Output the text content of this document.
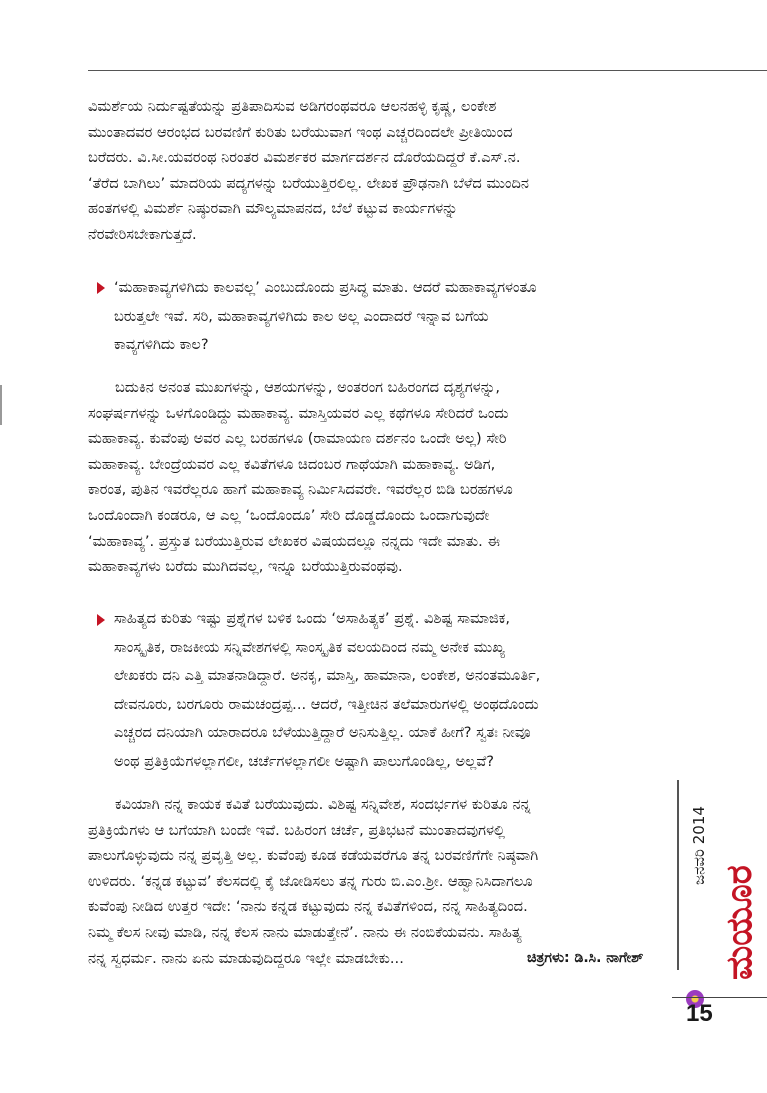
ವಿಮರ್ಶೆಯ ನಿರ್ದುಷ್ಟತೆಯನ್ನು ಪ್ರತಿಪಾದಿಸುವ ಅಡಿಗರಂಥವರೂ ಆಲನಹಳ್ಳಿ ಕೃಷ್ಣ, ಲಂಕೇಶ
ಮುಂತಾದವರ ಆರಂಭದ ಬರವಣಿಗೆ ಕುರಿತು ಬರೆಯುವಾಗ ಇಂಥ ಎಚ್ಚರದಿಂದಲೇ ಪ್ರೀತಿಯಿಂದ
ಬರೆದರು. ವಿ.ಸೀ.ಯವರಂಥ ನಿರಂತರ ವಿಮರ್ಶಕರ ಮಾರ್ಗದರ್ಶನ ದೊರೆಯದಿದ್ದರೆ ಕೆ.ಎಸ್.ನ.
‘ತೆರೆದ ಬಾಗಿಲು’ ಮಾದರಿಯ ಪದ್ಯಗಳನ್ನು ಬರೆಯುತ್ತಿರಲಿಲ್ಲ. ಲೇಖಕ ಪ್ರೌಢನಾಗಿ ಬೆಳೆದ ಮುಂದಿನ
ಹಂತಗಳಲ್ಲಿ ವಿಮರ್ಶೆ ನಿಷ್ಠುರವಾಗಿ ಮೌಲ್ಯಮಾಪನದ, ಬೆಲೆ ಕಟ್ಟುವ ಕಾರ್ಯಗಳನ್ನು
ನೆರವೇರಿಸಬೇಕಾಗುತ್ತದೆ.
‘ಮಹಾಕಾವ್ಯಗಳಿಗಿದು ಕಾಲವಲ್ಲ’ ಎಂಬುದೊಂದು ಪ್ರಸಿದ್ಧ ಮಾತು. ಆದರೆ ಮಹಾಕಾವ್ಯಗಳಂತೂ
ಬರುತ್ತಲೇ ಇವೆ. ಸರಿ, ಮಹಾಕಾವ್ಯಗಳಿಗಿದು ಕಾಲ ಅಲ್ಲ ಎಂದಾದರೆ ಇನ್ನಾವ ಬಗೆಯ
ಕಾವ್ಯಗಳಿಗಿದು ಕಾಲ?
ಬದುಕಿನ ಅನಂತ ಮುಖಗಳನ್ನು, ಆಶಯಗಳನ್ನು, ಅಂತರಂಗ ಬಹಿರಂಗದ ದೃಶ್ಯಗಳನ್ನು,
ಸಂಘರ್ಷಗಳನ್ನು ಒಳಗೊಂಡಿದ್ದು ಮಹಾಕಾವ್ಯ. ಮಾಸ್ತಿಯವರ ಎಲ್ಲ ಕಥೆಗಳೂ ಸೇರಿದರೆ ಒಂದು
ಮಹಾಕಾವ್ಯ. ಕುವೆಂಪು ಅವರ ಎಲ್ಲ ಬರಹಗಳೂ (ರಾಮಾಯಣ ದರ್ಶನಂ ಒಂದೇ ಅಲ್ಲ) ಸೇರಿ
ಮಹಾಕಾವ್ಯ. ಬೇಂದ್ರೆಯವರ ಎಲ್ಲ ಕವಿತೆಗಳೂ ಚಿದಂಬರ ಗಾಥೆಯಾಗಿ ಮಹಾಕಾವ್ಯ. ಅಡಿಗ,
ಕಾರಂತ, ಪುತಿನ ಇವರೆಲ್ಲರೂ ಹಾಗೆ ಮಹಾಕಾವ್ಯ ನಿರ್ಮಿಸಿದವರೇ. ಇವರೆಲ್ಲರ ಬಿಡಿ ಬರಹಗಳೂ
ಒಂದೊಂದಾಗಿ ಕಂಡರೂ, ಆ ಎಲ್ಲ ‘ಒಂದೊಂದೂ’ ಸೇರಿ ದೊಡ್ಡದೊಂದು ಒಂದಾಗುವುದೇ
‘ಮಹಾಕಾವ್ಯ’. ಪ್ರಸ್ತುತ ಬರೆಯುತ್ತಿರುವ ಲೇಖಕರ ವಿಷಯದಲ್ಲೂ ನನ್ನದು ಇದೇ ಮಾತು. ಈ
ಮಹಾಕಾವ್ಯಗಳು ಬರೆದು ಮುಗಿದವಲ್ಲ, ಇನ್ನೂ ಬರೆಯುತ್ತಿರುವಂಥವು.
ಸಾಹಿತ್ಯದ ಕುರಿತು ಇಷ್ಟು ಪ್ರಶ್ನೆಗಳ ಬಳಿಕ ಒಂದು ‘ಅಸಾಹಿತ್ಯಕ’ ಪ್ರಶ್ನೆ. ವಿಶಿಷ್ಟ ಸಾಮಾಜಿಕ,
ಸಾಂಸ್ಕೃತಿಕ, ರಾಜಕೀಯ ಸನ್ನಿವೇಶಗಳಲ್ಲಿ ಸಾಂಸ್ಕೃತಿಕ ವಲಯದಿಂದ ನಮ್ಮ ಅನೇಕ ಮುಖ್ಯ
ಲೇಖಕರು ದನಿ ಎತ್ತಿ ಮಾತನಾಡಿದ್ದಾರೆ. ಅನಕೃ, ಮಾಸ್ತಿ, ಹಾಮಾನಾ, ಲಂಕೇಶ, ಅನಂತಮೂರ್ತಿ,
ದೇವನೂರು, ಬರಗೂರು ರಾಮಚಂದ್ರಪ್ಪ... ಆದರೆ, ಇತ್ತೀಚಿನ ತಲೆಮಾರುಗಳಲ್ಲಿ ಅಂಥದೊಂದು
ಎಚ್ಚರದ ದನಿಯಾಗಿ ಯಾರಾದರೂ ಬೆಳೆಯುತ್ತಿದ್ದಾರೆ ಅನಿಸುತ್ತಿಲ್ಲ. ಯಾಕೆ ಹೀಗೆ? ಸ್ವತಃ ನೀವೂ
ಅಂಥ ಪ್ರತಿಕ್ರಿಯೆಗಳಲ್ಲಾಗಲೀ, ಚರ್ಚೆಗಳಲ್ಲಾಗಲೀ ಅಷ್ಟಾಗಿ ಪಾಲುಗೊಂಡಿಲ್ಲ, ಅಲ್ಲವೆ?
ಕವಿಯಾಗಿ ನನ್ನ ಕಾಯಕ ಕವಿತೆ ಬರೆಯುವುದು. ವಿಶಿಷ್ಟ ಸನ್ನಿವೇಶ, ಸಂದರ್ಭಗಳ ಕುರಿತೂ ನನ್ನ
ಪ್ರತಿಕ್ರಿಯೆಗಳು ಆ ಬಗೆಯಾಗಿ ಬಂದೇ ಇವೆ. ಬಹಿರಂಗ ಚರ್ಚೆ, ಪ್ರತಿಭಟನೆ ಮುಂತಾದವುಗಳಲ್ಲಿ
ಪಾಲುಗೊಳ್ಳುವುದು ನನ್ನ ಪ್ರವೃತ್ತಿ ಅಲ್ಲ. ಕುವೆಂಪು ಕೂಡ ಕಡೆಯವರೆಗೂ ತನ್ನ ಬರವಣಿಗೆಗೇ ನಿಷ್ಠವಾಗಿ
ಉಳಿದರು. ‘ಕನ್ನಡ ಕಟ್ಟುವ’ ಕೆಲಸದಲ್ಲಿ ಕೈ ಜೋಡಿಸಲು ತನ್ನ ಗುರು ಬಿ.ಎಂ.ಶ್ರೀ. ಆಹ್ವಾನಿಸಿದಾಗಲೂ
ಕುವೆಂಪು ನೀಡಿದ ಉತ್ತರ ಇದೇ: ‘ನಾನು ಕನ್ನಡ ಕಟ್ಟುವುದು ನನ್ನ ಕವಿತೆಗಳಿಂದ, ನನ್ನ ಸಾಹಿತ್ಯದಿಂದ.
ನಿಮ್ಮ ಕೆಲಸ ನೀವು ಮಾಡಿ, ನನ್ನ ಕೆಲಸ ನಾನು ಮಾಡುತ್ತೇನೆ’. ನಾನು ಈ ನಂಬಿಕೆಯವನು. ಸಾಹಿತ್ಯ
ನನ್ನ ಸ್ವಧರ್ಮ. ನಾನು ಏನು ಮಾಡುವುದಿದ್ದರೂ ಇಲ್ಲೇ ಮಾಡಬೇಕು...	ಚಿತ್ರಗಳು: ಡಿ.ಸಿ. ನಾಗೇಶ್
ಜನವರಿ 2014
ಮಯೂರ
15
